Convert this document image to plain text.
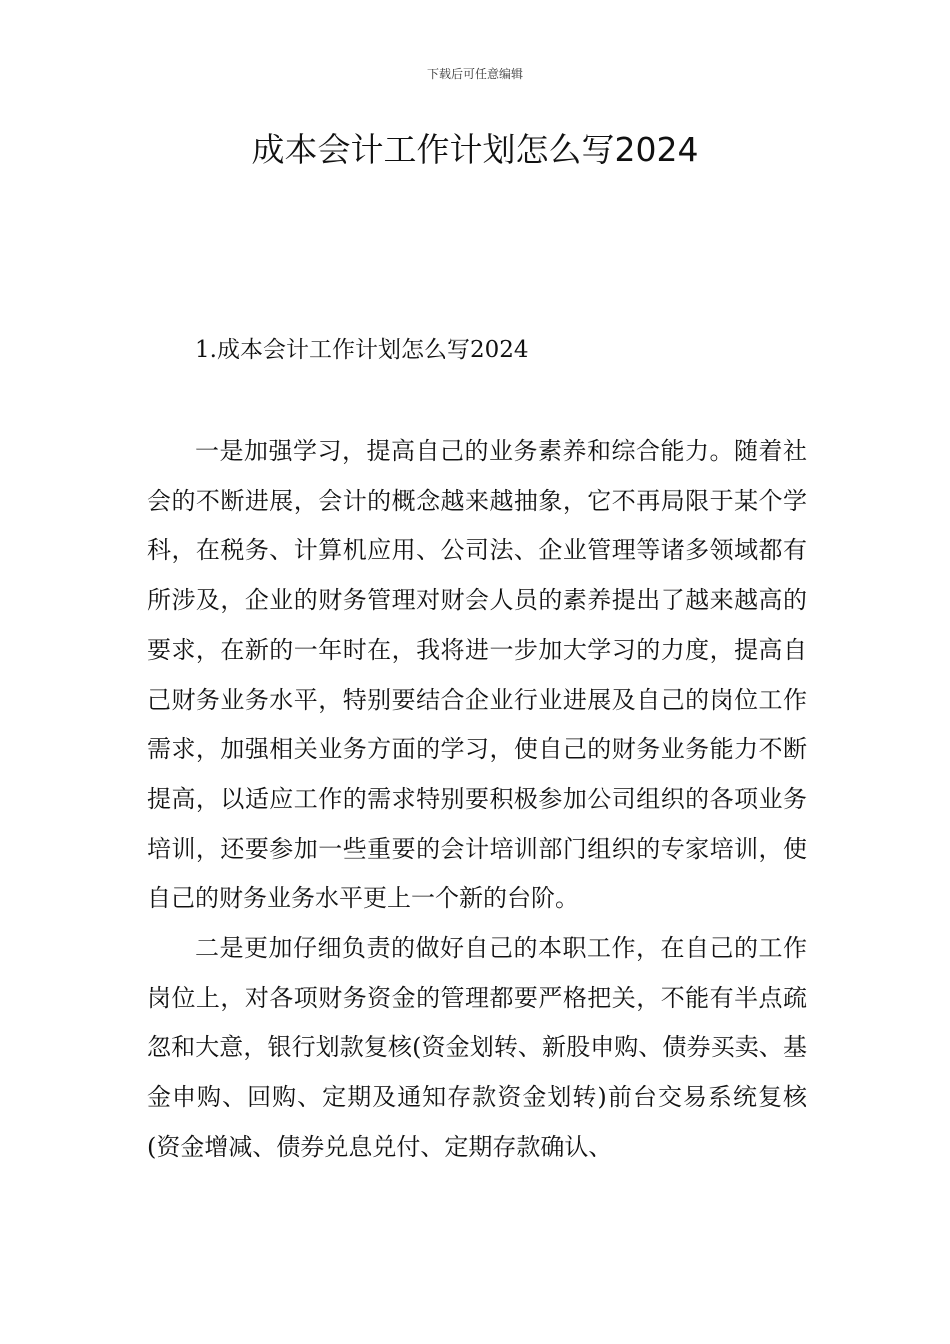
下载后可任意编辑
成本会计工作计划怎么写2024
1.成本会计工作计划怎么写2024

一是加强学习，提高自己的业务素养和综合能力。随着社会的不断进展，会计的概念越来越抽象，它不再局限于某个学科，在税务、计算机应用、公司法、企业管理等诸多领域都有所涉及，企业的财务管理对财会人员的素养提出了越来越高的要求，在新的一年时在，我将进一步加大学习的力度，提高自己财务业务水平，特别要结合企业行业进展及自己的岗位工作需求，加强相关业务方面的学习，使自己的财务业务能力不断提高，以适应工作的需求特别要积极参加公司组织的各项业务培训，还要参加一些重要的会计培训部门组织的专家培训，使自己的财务业务水平更上一个新的台阶。

二是更加仔细负责的做好自己的本职工作，在自己的工作岗位上，对各项财务资金的管理都要严格把关，不能有半点疏忽和大意，银行划款复核(资金划转、新股申购、债券买卖、基金申购、回购、定期及通知存款资金划转)前台交易系统复核(资金增减、债券兑息兑付、定期存款确认、
